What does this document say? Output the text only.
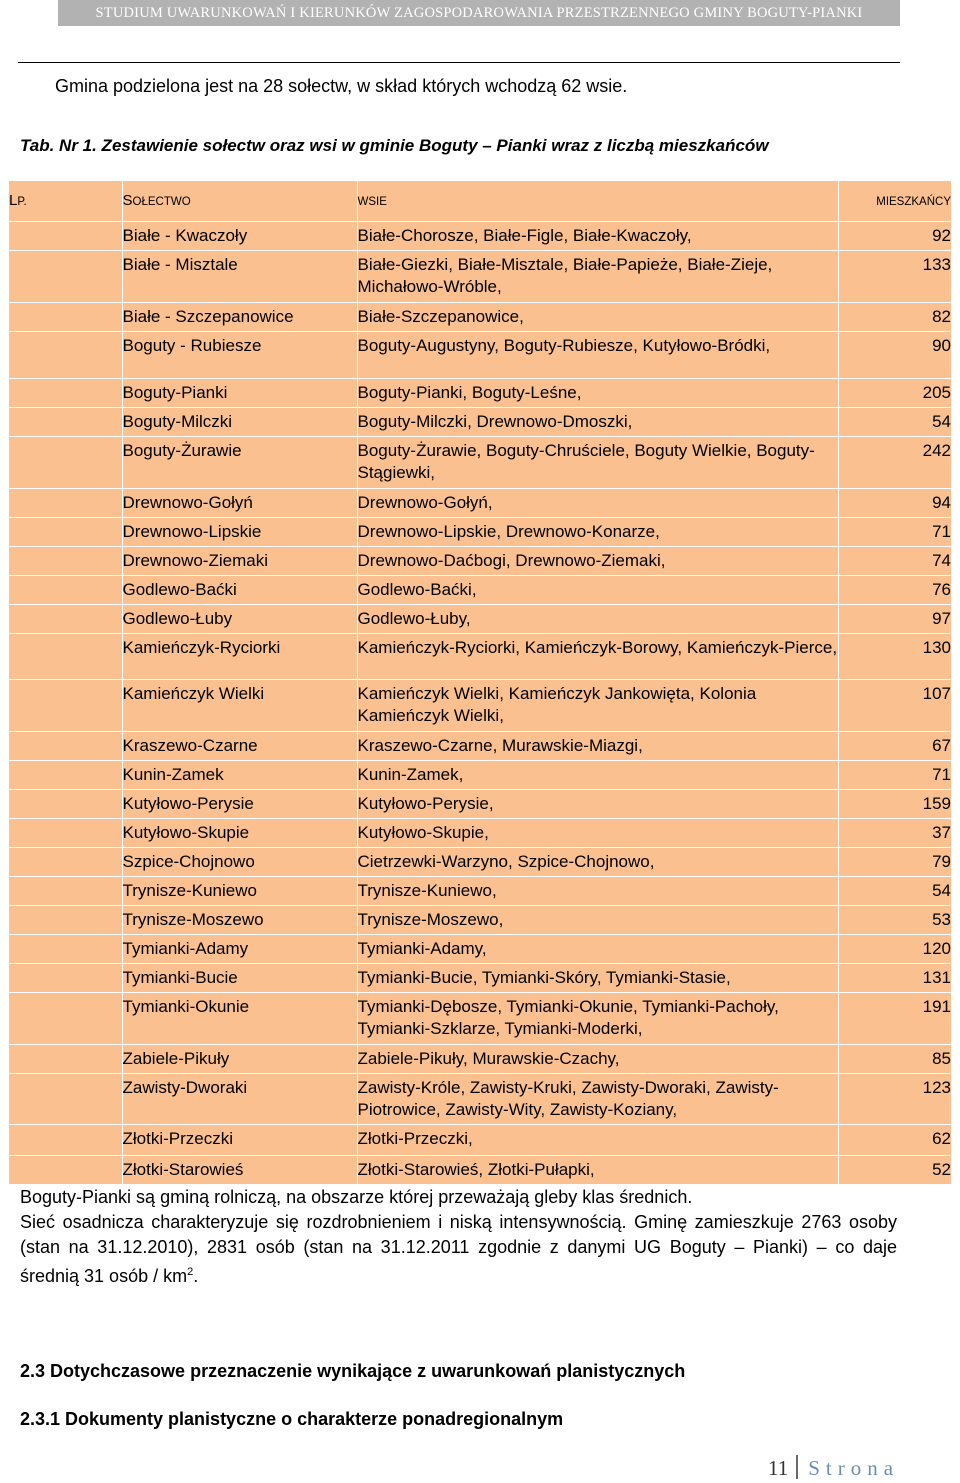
STUDIUM UWARUNKOWAŃ I KIERUNKÓW ZAGOSPODAROWANIA PRZESTRZENNEGO GMINY BOGUTY-PIANKI
Gmina podzielona jest na 28 sołectw, w skład których wchodzą 62 wsie.
Tab. Nr 1. Zestawienie sołectw oraz wsi w gminie Boguty – Pianki wraz z liczbą mieszkańców
LP.	SOŁECTWO	WSIE	MIESZKAŃCY

	Białe - Kwaczoły	Białe-Chorosze, Białe-Figle, Białe-Kwaczoły,	92

	Białe - Misztale	Białe-Giezki, Białe-Misztale, Białe-Papieże, Białe-Zieje, Michałowo-Wróble,	133

	Białe - Szczepanowice	Białe-Szczepanowice,	82

	Boguty - Rubiesze	Boguty-Augustyny, Boguty-Rubiesze, Kutyłowo-Bródki,	90

	Boguty-Pianki	Boguty-Pianki, Boguty-Leśne,	205

	Boguty-Milczki	Boguty-Milczki, Drewnowo-Dmoszki,	54

	Boguty-Żurawie	Boguty-Żurawie, Boguty-Chruściele, Boguty Wielkie, Boguty-Stągiewki,	242

	Drewnowo-Gołyń	Drewnowo-Gołyń,	94

	Drewnowo-Lipskie	Drewnowo-Lipskie, Drewnowo-Konarze,	71

	Drewnowo-Ziemaki	Drewnowo-Daćbogi, Drewnowo-Ziemaki,	74

	Godlewo-Baćki	Godlewo-Baćki,	76

	Godlewo-Łuby	Godlewo-Łuby,	97

	Kamieńczyk-Ryciorki	Kamieńczyk-Ryciorki, Kamieńczyk-Borowy, Kamieńczyk-Pierce,	130

	Kamieńczyk Wielki	Kamieńczyk Wielki, Kamieńczyk Jankowięta, Kolonia Kamieńczyk Wielki,	107

	Kraszewo-Czarne	Kraszewo-Czarne, Murawskie-Miazgi,	67

	Kunin-Zamek	Kunin-Zamek,	71

	Kutyłowo-Perysie	Kutyłowo-Perysie,	159

	Kutyłowo-Skupie	Kutyłowo-Skupie,	37

	Szpice-Chojnowo	Cietrzewki-Warzyno, Szpice-Chojnowo,	79

	Trynisze-Kuniewo	Trynisze-Kuniewo,	54

	Trynisze-Moszewo	Trynisze-Moszewo,	53

	Tymianki-Adamy	Tymianki-Adamy,	120

	Tymianki-Bucie	Tymianki-Bucie, Tymianki-Skóry, Tymianki-Stasie,	131

	Tymianki-Okunie	Tymianki-Dębosze, Tymianki-Okunie, Tymianki-Pachoły, Tymianki-Szklarze, Tymianki-Moderki,	191

	Zabiele-Pikuły	Zabiele-Pikuły, Murawskie-Czachy,	85

	Zawisty-Dworaki	Zawisty-Króle, Zawisty-Kruki, Zawisty-Dworaki, Zawisty-Piotrowice, Zawisty-Wity, Zawisty-Koziany,	123

	Złotki-Przeczki	Złotki-Przeczki,	62

	Złotki-Starowieś	Złotki-Starowieś, Złotki-Pułapki,	52
Boguty-Pianki są gminą rolniczą, na obszarze której przeważają gleby klas średnich.
Sieć osadnicza charakteryzuje się rozdrobnieniem i niską intensywnością. Gminę zamieszkuje 2763 osoby (stan na 31.12.2010), 2831 osób (stan na 31.12.2011 zgodnie z danymi UG Boguty – Pianki) – co daje średnią 31 osób / $km^2$.
2.3 Dotychczasowe przeznaczenie wynikające z uwarunkowań planistycznych
2.3.1 Dokumenty planistyczne o charakterze ponadregionalnym
11 Strona
